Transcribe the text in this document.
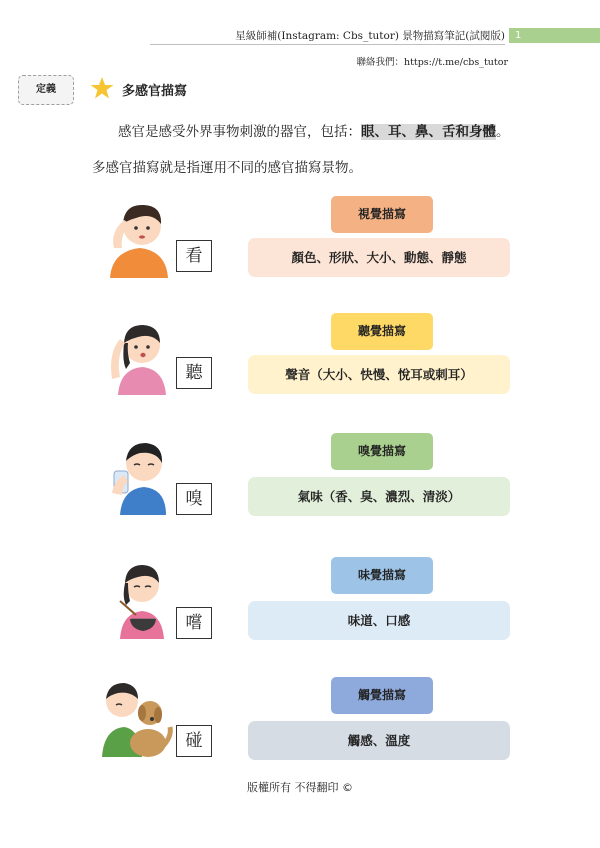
星級師補(Instagram: Cbs_tutor) 景物描寫筆記(試閱版)	1
聯絡我們：https://t.me/cbs_tutor
定義	多感官描寫
感官是感受外界事物刺激的器官，包括：眼、耳、鼻、舌和身體。
多感官描寫就是指運用不同的感官描寫景物。
看
視覺描寫
顏色、形狀、大小、動態、靜態
聽
聽覺描寫
聲音（大小、快慢、悅耳或刺耳）
嗅
嗅覺描寫
氣味（香、臭、濃烈、清淡）
嚐
味覺描寫
味道、口感
碰
觸覺描寫
觸感、溫度
版權所有 不得翻印 ©
